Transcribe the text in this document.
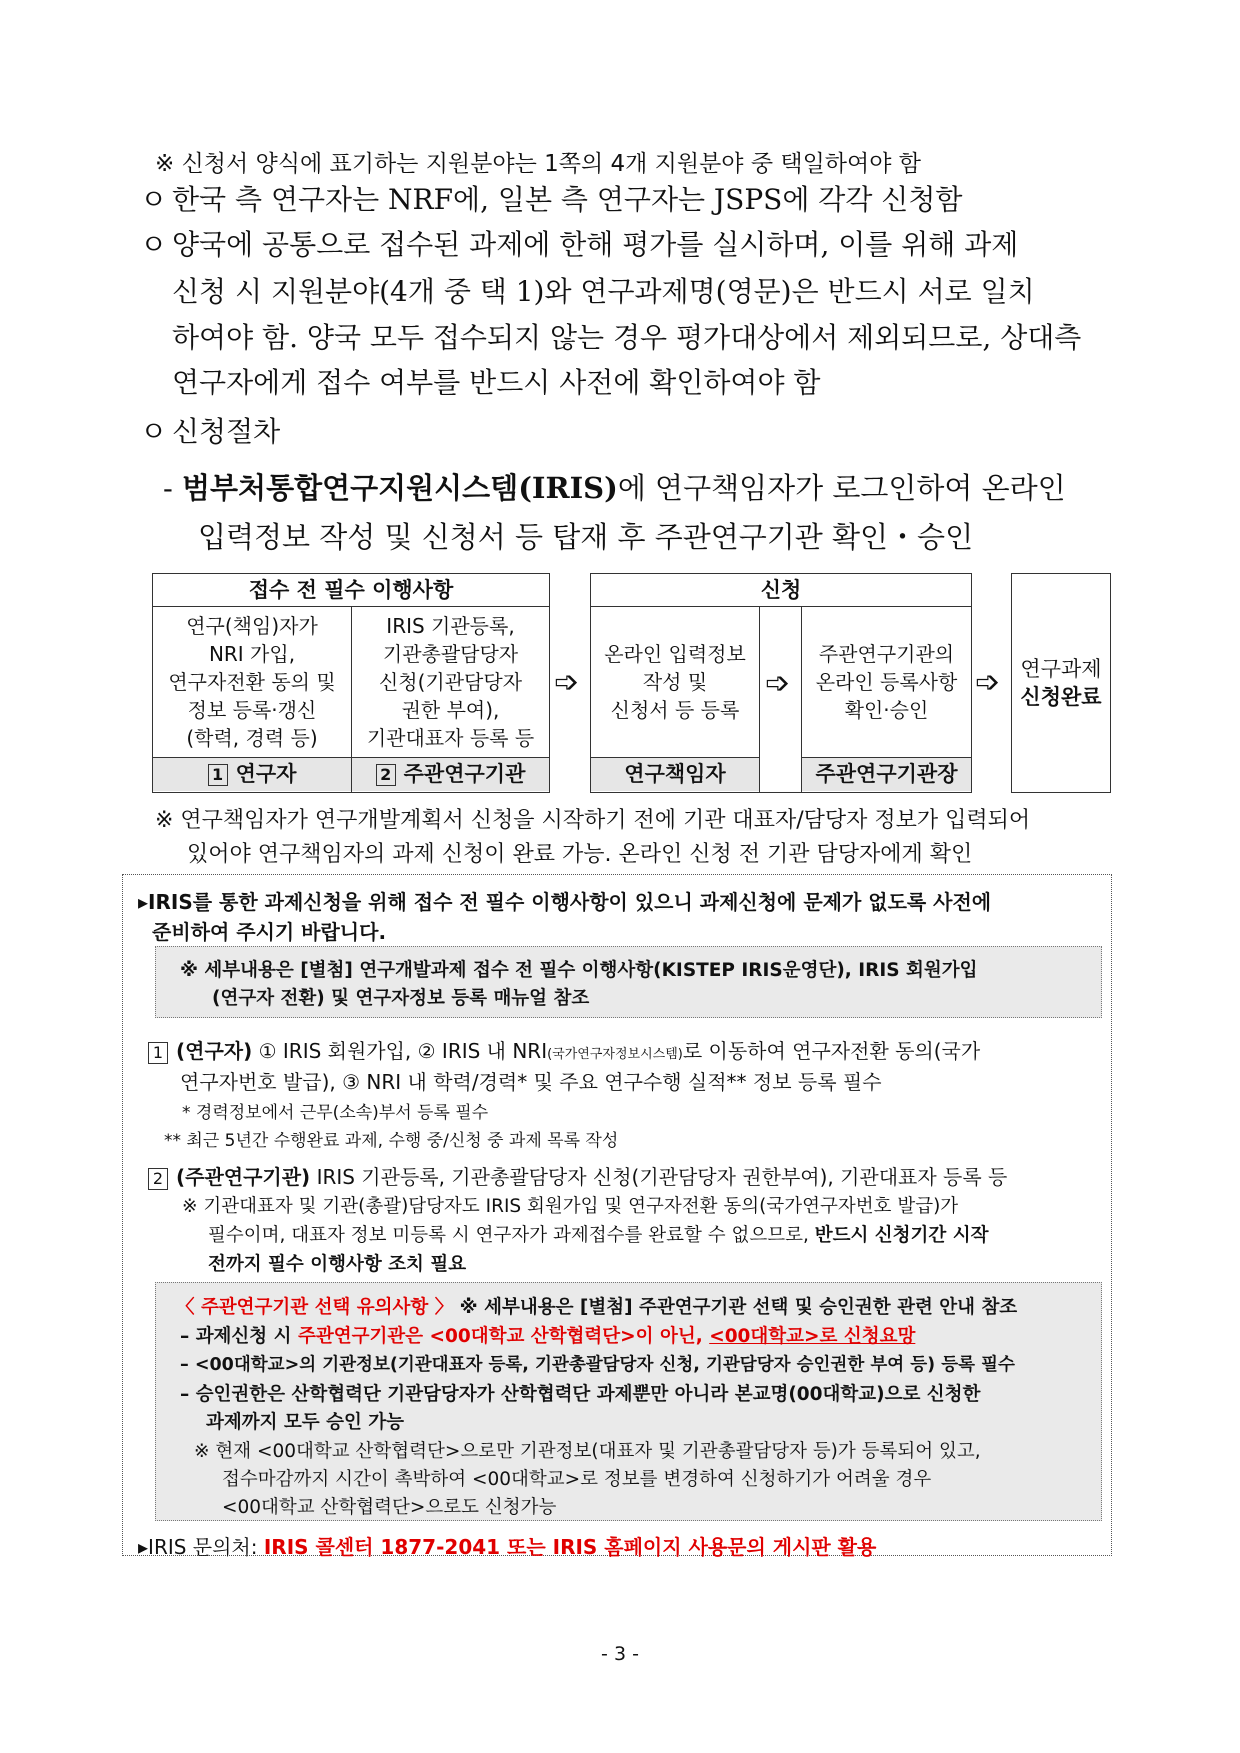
※ 신청서 양식에 표기하는 지원분야는 1쪽의 4개 지원분야 중 택일하여야 함
ㅇ 한국 측 연구자는 NRF에, 일본 측 연구자는 JSPS에 각각 신청함
ㅇ 양국에 공통으로 접수된 과제에 한해 평가를 실시하며, 이를 위해 과제
신청 시 지원분야(4개 중 택 1)와 연구과제명(영문)은 반드시 서로 일치
하여야 함. 양국 모두 접수되지 않는 경우 평가대상에서 제외되므로, 상대측
연구자에게 접수 여부를 반드시 사전에 확인하여야 함
ㅇ 신청절차
- 범부처통합연구지원시스템(IRIS)에 연구책임자가 로그인하여 온라인
입력정보 작성 및 신청서 등 탑재 후 주관연구기관 확인・승인
접수 전 필수 이행사항
연구(책임)자가
NRI 가입,
연구자전환 동의 및
정보 등록·갱신
(학력, 경력 등)
IRIS 기관등록,
기관총괄담당자
신청(기관담당자
권한 부여),
기관대표자 등록 등
1 연구자	2 주관연구기관
➩
신청
온라인 입력정보
작성 및
신청서 등 등록
➩
주관연구기관의
온라인 등록사항
확인·승인
연구책임자	주관연구기관장
➩ 연구과제
신청완료
※ 연구책임자가 연구개발계획서 신청을 시작하기 전에 기관 대표자/담당자 정보가 입력되어
있어야 연구책임자의 과제 신청이 완료 가능. 온라인 신청 전 기관 담당자에게 확인
▸IRIS를 통한 과제신청을 위해 접수 전 필수 이행사항이 있으니 과제신청에 문제가 없도록 사전에
준비하여 주시기 바랍니다.
※ 세부내용은 [별첨] 연구개발과제 접수 전 필수 이행사항(KISTEP IRIS운영단), IRIS 회원가입
(연구자 전환) 및 연구자정보 등록 매뉴얼 참조
1 (연구자) ① IRIS 회원가입, ② IRIS 내 NRI(국가연구자정보시스템)로 이동하여 연구자전환 동의(국가
연구자번호 발급), ③ NRI 내 학력/경력* 및 주요 연구수행 실적** 정보 등록 필수
* 경력정보에서 근무(소속)부서 등록 필수
** 최근 5년간 수행완료 과제, 수행 중/신청 중 과제 목록 작성
2 (주관연구기관) IRIS 기관등록, 기관총괄담당자 신청(기관담당자 권한부여), 기관대표자 등록 등
※ 기관대표자 및 기관(총괄)담당자도 IRIS 회원가입 및 연구자전환 동의(국가연구자번호 발급)가
필수이며, 대표자 정보 미등록 시 연구자가 과제접수를 완료할 수 없으므로, 반드시 신청기간 시작
전까지 필수 이행사항 조치 필요
〈 주관연구기관 선택 유의사항 〉 ※ 세부내용은 [별첨] 주관연구기관 선택 및 승인권한 관련 안내 참조
– 과제신청 시 주관연구기관은 <00대학교 산학협력단>이 아닌, <00대학교>로 신청요망
– <00대학교>의 기관정보(기관대표자 등록, 기관총괄담당자 신청, 기관담당자 승인권한 부여 등) 등록 필수
– 승인권한은 산학협력단 기관담당자가 산학협력단 과제뿐만 아니라 본교명(00대학교)으로 신청한
과제까지 모두 승인 가능
※ 현재 <00대학교 산학협력단>으로만 기관정보(대표자 및 기관총괄담당자 등)가 등록되어 있고,
접수마감까지 시간이 촉박하여 <00대학교>로 정보를 변경하여 신청하기가 어려울 경우
<00대학교 산학협력단>으로도 신청가능
▸IRIS 문의처: IRIS 콜센터 1877-2041 또는 IRIS 홈페이지 사용문의 게시판 활용
- 3 -
